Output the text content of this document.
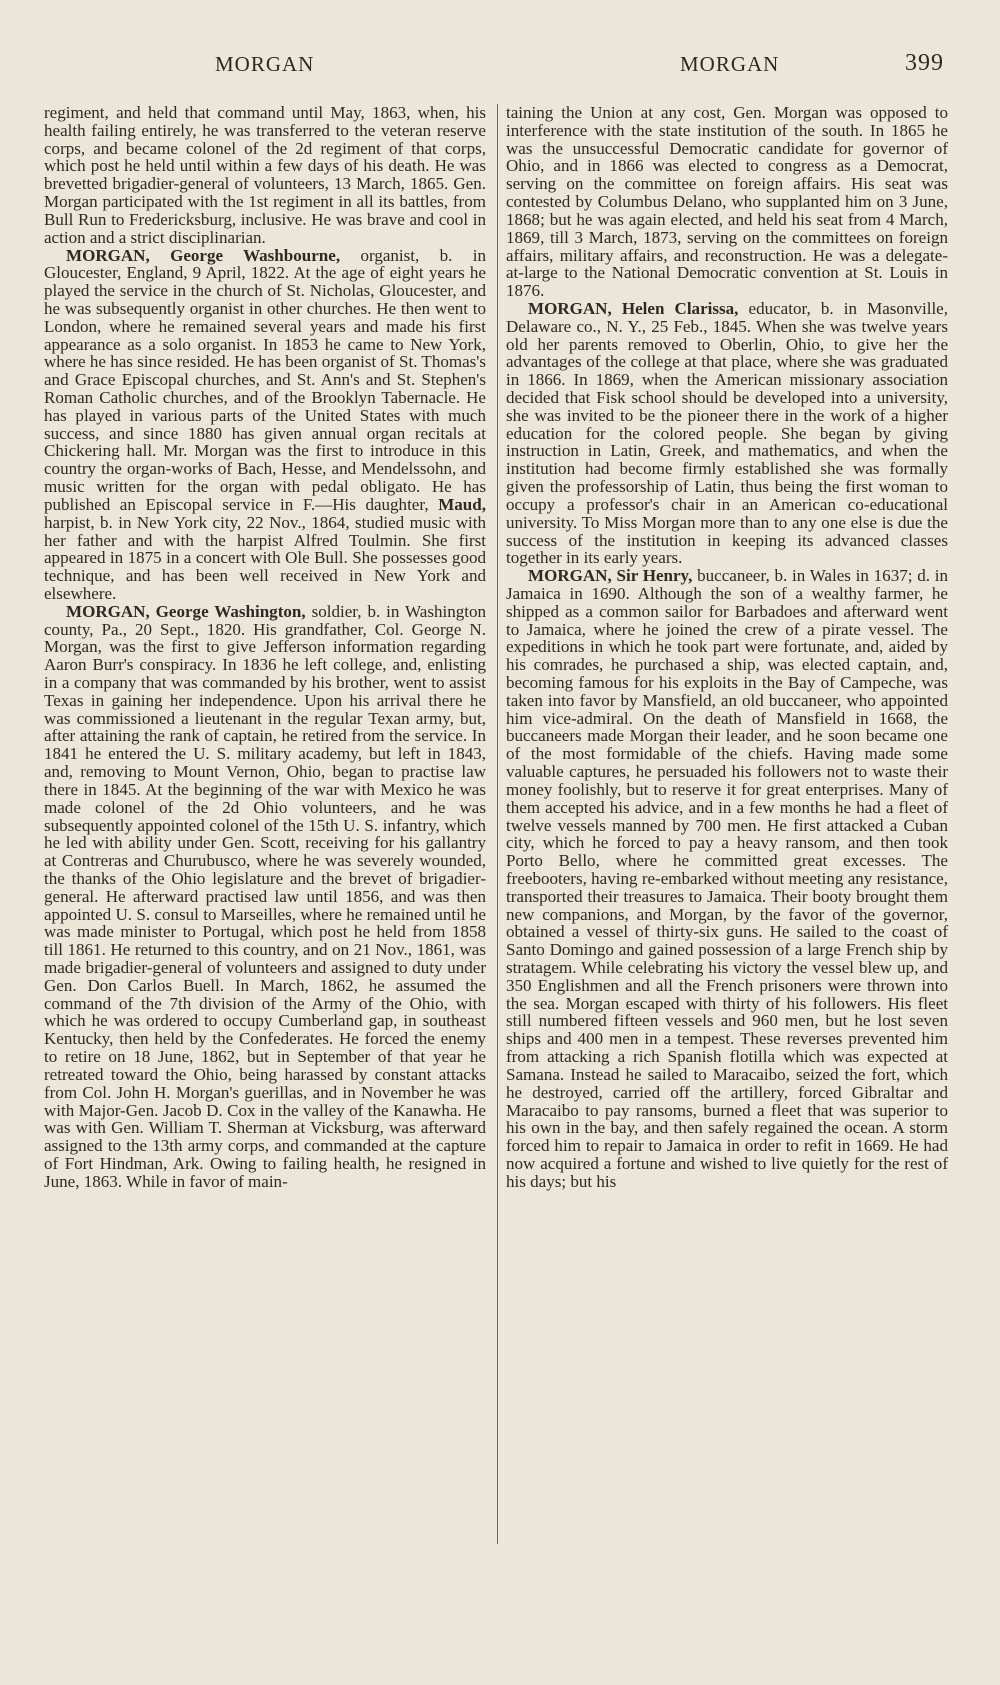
MORGAN	MORGAN	399

regiment, and held that command until May, 1863, when, his health failing entirely, he was transferred to the veteran reserve corps, and became colonel of the 2d regiment of that corps, which post he held until within a few days of his death. He was brevetted brigadier-general of volunteers, 13 March, 1865. Gen. Morgan participated with the 1st regiment in all its battles, from Bull Run to Fredericksburg, inclusive. He was brave and cool in action and a strict disciplinarian.

MORGAN, George Washbourne, organist, b. in Gloucester, England, 9 April, 1822. At the age of eight years he played the service in the church of St. Nicholas, Gloucester, and he was subsequently organist in other churches. He then went to London, where he remained several years and made his first appearance as a solo organist. In 1853 he came to New York, where he has since resided. He has been organist of St. Thomas's and Grace Episcopal churches, and St. Ann's and St. Stephen's Roman Catholic churches, and of the Brooklyn Tabernacle. He has played in various parts of the United States with much success, and since 1880 has given annual organ recitals at Chickering hall. Mr. Morgan was the first to introduce in this country the organ-works of Bach, Hesse, and Mendelssohn, and music written for the organ with pedal obligato. He has published an Episcopal service in F.—His daughter, Maud, harpist, b. in New York city, 22 Nov., 1864, studied music with her father and with the harpist Alfred Toulmin. She first appeared in 1875 in a concert with Ole Bull. She possesses good technique, and has been well received in New York and elsewhere.

MORGAN, George Washington, soldier, b. in Washington county, Pa., 20 Sept., 1820. His grandfather, Col. George N. Morgan, was the first to give Jefferson information regarding Aaron Burr's conspiracy. In 1836 he left college, and, enlisting in a company that was commanded by his brother, went to assist Texas in gaining her independence. Upon his arrival there he was commissioned a lieutenant in the regular Texan army, but, after attaining the rank of captain, he retired from the service. In 1841 he entered the U. S. military academy, but left in 1843, and, removing to Mount Vernon, Ohio, began to practise law there in 1845. At the beginning of the war with Mexico he was made colonel of the 2d Ohio volunteers, and he was subsequently appointed colonel of the 15th U. S. infantry, which he led with ability under Gen. Scott, receiving for his gallantry at Contreras and Churubusco, where he was severely wounded, the thanks of the Ohio legislature and the brevet of brigadier-general. He afterward practised law until 1856, and was then appointed U. S. consul to Marseilles, where he remained until he was made minister to Portugal, which post he held from 1858 till 1861. He returned to this country, and on 21 Nov., 1861, was made brigadier-general of volunteers and assigned to duty under Gen. Don Carlos Buell. In March, 1862, he assumed the command of the 7th division of the Army of the Ohio, with which he was ordered to occupy Cumberland gap, in southeast Kentucky, then held by the Confederates. He forced the enemy to retire on 18 June, 1862, but in September of that year he retreated toward the Ohio, being harassed by constant attacks from Col. John H. Morgan's guerillas, and in November he was with Major-Gen. Jacob D. Cox in the valley of the Kanawha. He was with Gen. William T. Sherman at Vicksburg, was afterward assigned to the 13th army corps, and commanded at the capture of Fort Hindman, Ark. Owing to failing health, he resigned in June, 1863. While in favor of main-

taining the Union at any cost, Gen. Morgan was opposed to interference with the state institution of the south. In 1865 he was the unsuccessful Democratic candidate for governor of Ohio, and in 1866 was elected to congress as a Democrat, serving on the committee on foreign affairs. His seat was contested by Columbus Delano, who supplanted him on 3 June, 1868; but he was again elected, and held his seat from 4 March, 1869, till 3 March, 1873, serving on the committees on foreign affairs, military affairs, and reconstruction. He was a delegate-at-large to the National Democratic convention at St. Louis in 1876.

MORGAN, Helen Clarissa, educator, b. in Masonville, Delaware co., N. Y., 25 Feb., 1845. When she was twelve years old her parents removed to Oberlin, Ohio, to give her the advantages of the college at that place, where she was graduated in 1866. In 1869, when the American missionary association decided that Fisk school should be developed into a university, she was invited to be the pioneer there in the work of a higher education for the colored people. She began by giving instruction in Latin, Greek, and mathematics, and when the institution had become firmly established she was formally given the professorship of Latin, thus being the first woman to occupy a professor's chair in an American co-educational university. To Miss Morgan more than to any one else is due the success of the institution in keeping its advanced classes together in its early years.

MORGAN, Sir Henry, buccaneer, b. in Wales in 1637; d. in Jamaica in 1690. Although the son of a wealthy farmer, he shipped as a common sailor for Barbadoes and afterward went to Jamaica, where he joined the crew of a pirate vessel. The expeditions in which he took part were fortunate, and, aided by his comrades, he purchased a ship, was elected captain, and, becoming famous for his exploits in the Bay of Campeche, was taken into favor by Mansfield, an old buccaneer, who appointed him vice-admiral. On the death of Mansfield in 1668, the buccaneers made Morgan their leader, and he soon became one of the most formidable of the chiefs. Having made some valuable captures, he persuaded his followers not to waste their money foolishly, but to reserve it for great enterprises. Many of them accepted his advice, and in a few months he had a fleet of twelve vessels manned by 700 men. He first attacked a Cuban city, which he forced to pay a heavy ransom, and then took Porto Bello, where he committed great excesses. The freebooters, having re-embarked without meeting any resistance, transported their treasures to Jamaica. Their booty brought them new companions, and Morgan, by the favor of the governor, obtained a vessel of thirty-six guns. He sailed to the coast of Santo Domingo and gained possession of a large French ship by stratagem. While celebrating his victory the vessel blew up, and 350 Englishmen and all the French prisoners were thrown into the sea. Morgan escaped with thirty of his followers. His fleet still numbered fifteen vessels and 960 men, but he lost seven ships and 400 men in a tempest. These reverses prevented him from attacking a rich Spanish flotilla which was expected at Samana. Instead he sailed to Maracaibo, seized the fort, which he destroyed, carried off the artillery, forced Gibraltar and Maracaibo to pay ransoms, burned a fleet that was superior to his own in the bay, and then safely regained the ocean. A storm forced him to repair to Jamaica in order to refit in 1669. He had now acquired a fortune and wished to live quietly for the rest of his days; but his
